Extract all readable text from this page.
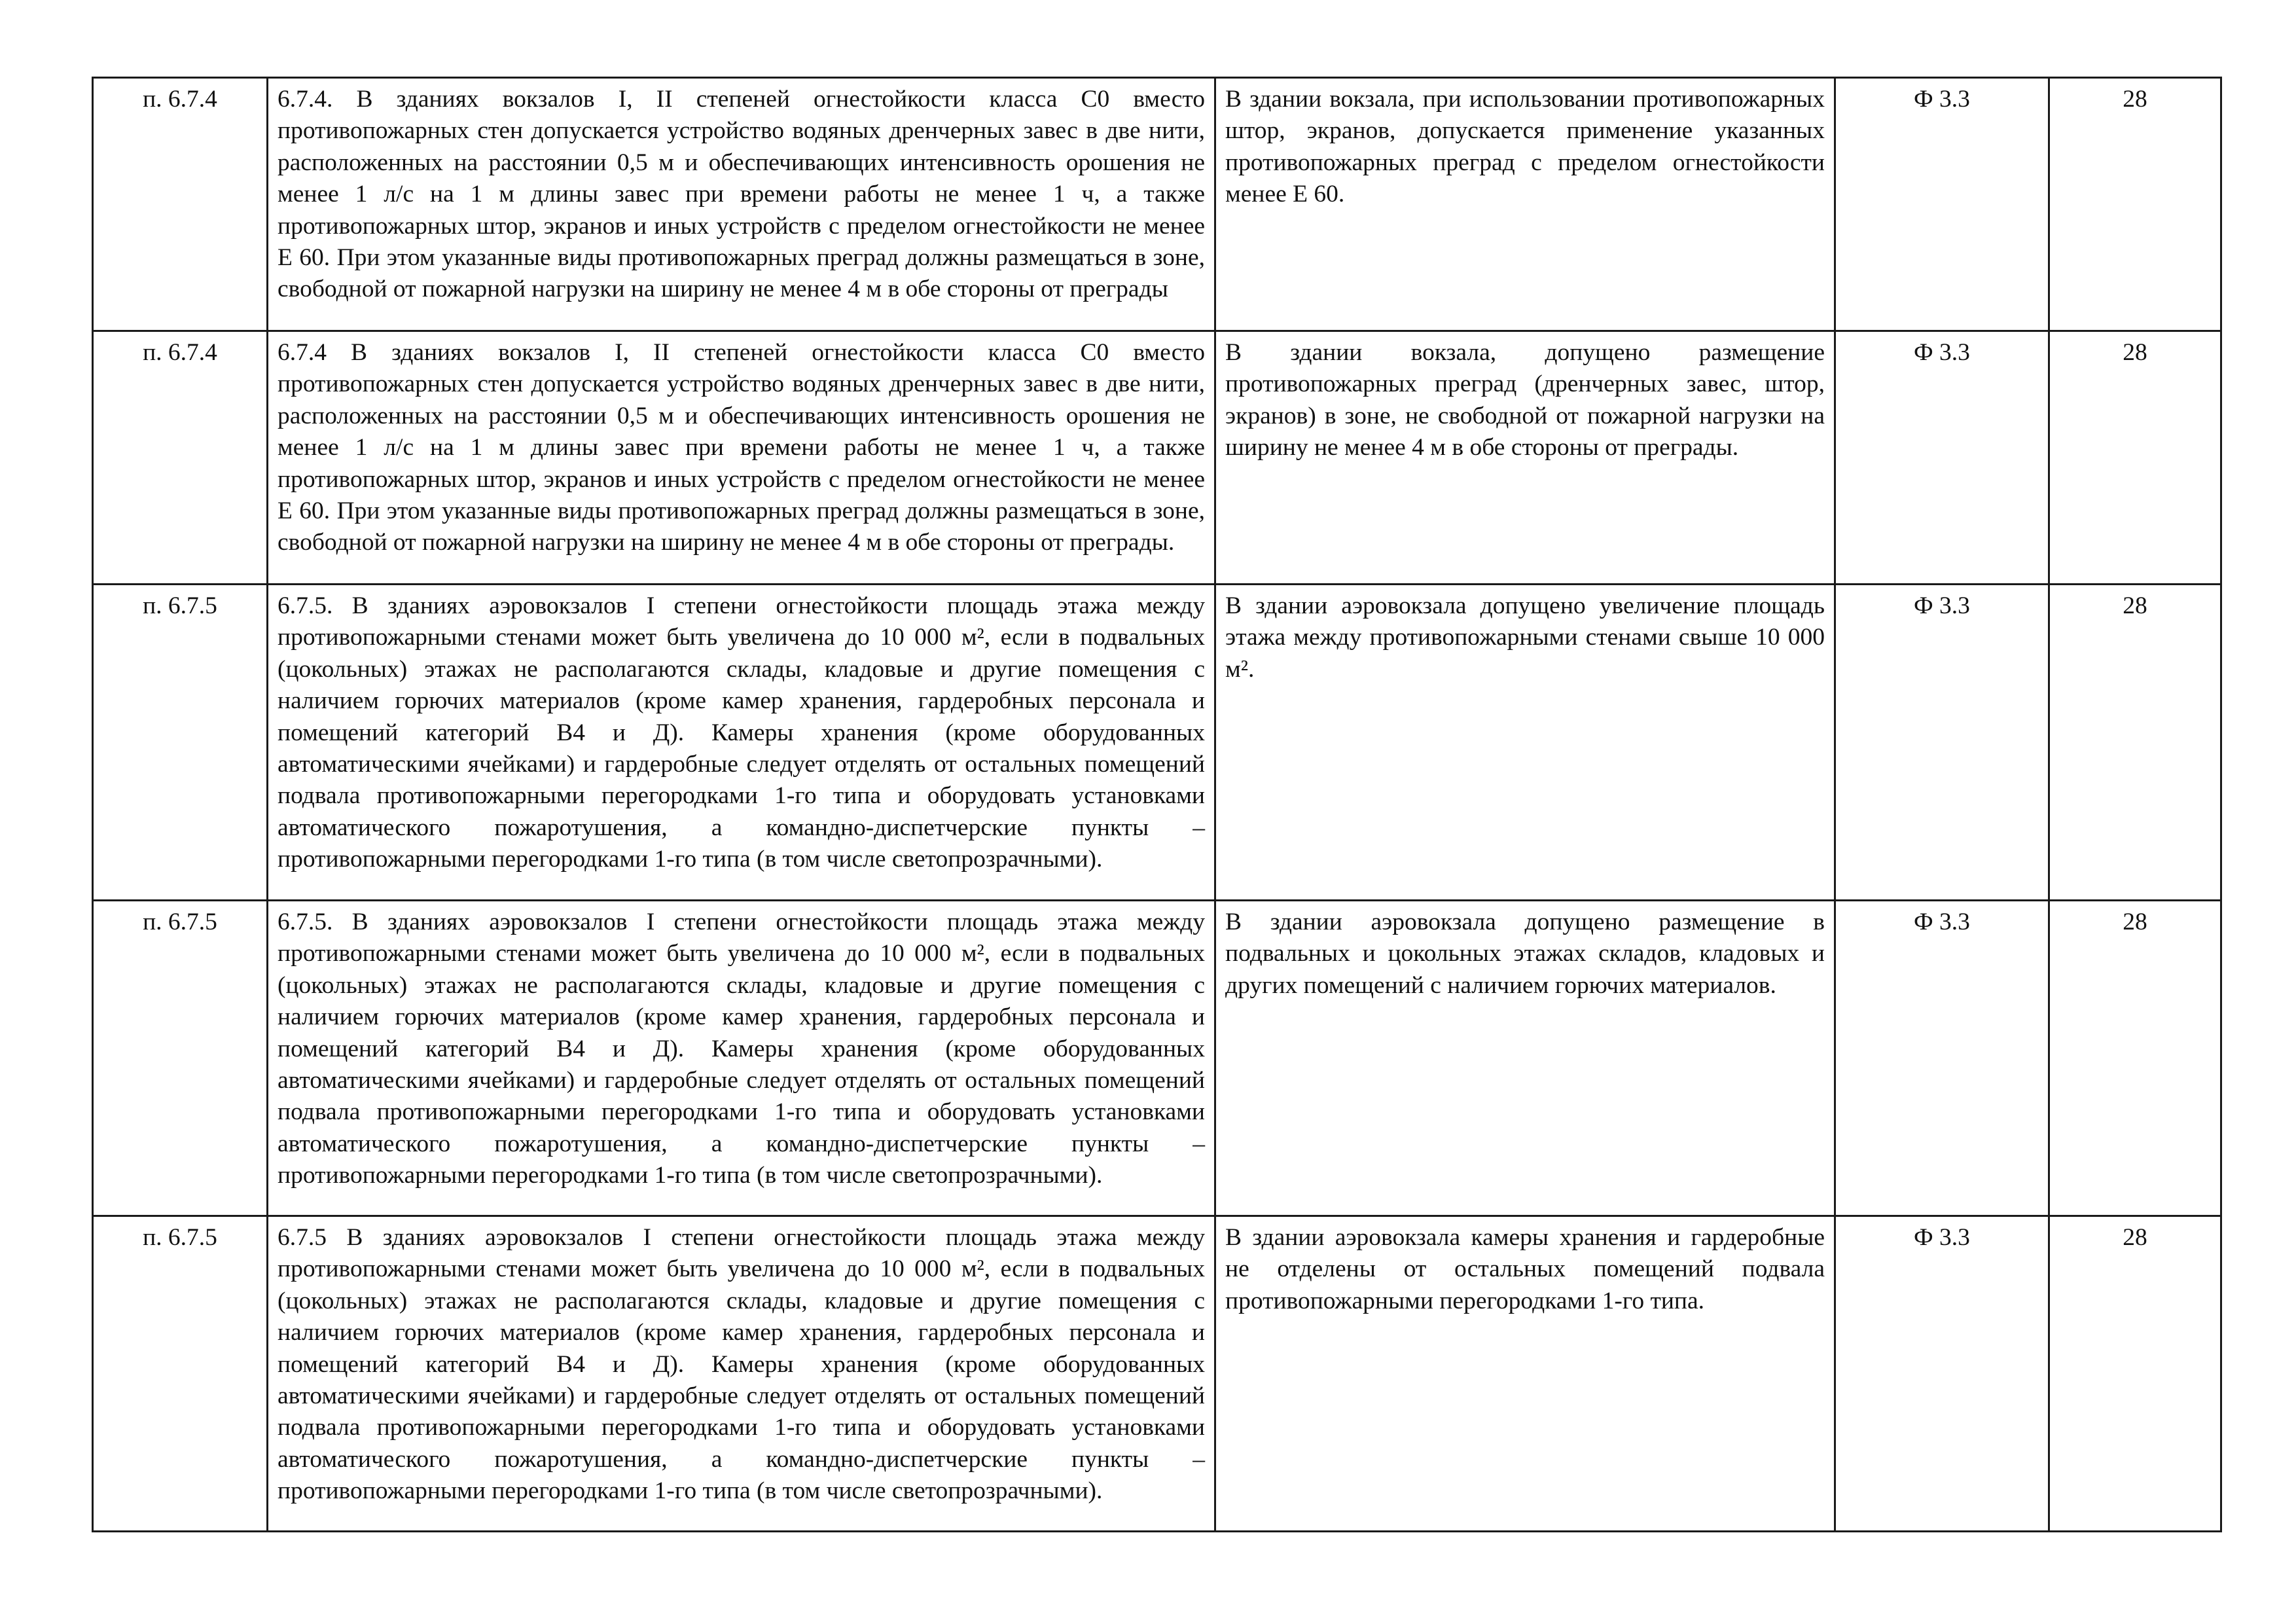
п. 6.7.4	6.7.4. В зданиях вокзалов I, II степеней огнестойкости класса С0 вместо противопожарных стен допускается устройство водяных дренчерных завес в две нити, расположенных на расстоянии 0,5 м и обеспечивающих интенсивность орошения не менее 1 л/с на 1 м длины завес при времени работы не менее 1 ч, а также противопожарных штор, экранов и иных устройств с пределом огнестойкости не менее Е 60. При этом указанные виды противопожарных преград должны размещаться в зоне, свободной от пожарной нагрузки на ширину не менее 4 м в обе стороны от преграды	В здании вокзала, при использовании противопожарных штор, экранов, допускается применение указанных противопожарных преград с пределом огнестойкости менее Е 60.	Ф 3.3	28
п. 6.7.4	6.7.4 В зданиях вокзалов I, II степеней огнестойкости класса С0 вместо противопожарных стен допускается устройство водяных дренчерных завес в две нити, расположенных на расстоянии 0,5 м и обеспечивающих интенсивность орошения не менее 1 л/с на 1 м длины завес при времени работы не менее 1 ч, а также противопожарных штор, экранов и иных устройств с пределом огнестойкости не менее Е 60. При этом указанные виды противопожарных преград должны размещаться в зоне, свободной от пожарной нагрузки на ширину не менее 4 м в обе стороны от преграды.	В здании вокзала, допущено размещение противопожарных преград (дренчерных завес, штор, экранов) в зоне, не свободной от пожарной нагрузки на ширину не менее 4 м в обе стороны от преграды.	Ф 3.3	28
п. 6.7.5	6.7.5. В зданиях аэровокзалов I степени огнестойкости площадь этажа между противопожарными стенами может быть увеличена до 10 000 м², если в подвальных (цокольных) этажах не располагаются склады, кладовые и другие помещения с наличием горючих материалов (кроме камер хранения, гардеробных персонала и помещений категорий В4 и Д). Камеры хранения (кроме оборудованных автоматическими ячейками) и гардеробные следует отделять от остальных помещений подвала противопожарными перегородками 1-го типа и оборудовать установками автоматического пожаротушения, а командно-диспетчерские пункты – противопожарными перегородками 1-го типа (в том числе светопрозрачными).	В здании аэровокзала допущено увеличение площадь этажа между противопожарными стенами свыше 10 000 м².	Ф 3.3	28
п. 6.7.5	6.7.5. В зданиях аэровокзалов I степени огнестойкости площадь этажа между противопожарными стенами может быть увеличена до 10 000 м², если в подвальных (цокольных) этажах не располагаются склады, кладовые и другие помещения с наличием горючих материалов (кроме камер хранения, гардеробных персонала и помещений категорий В4 и Д). Камеры хранения (кроме оборудованных автоматическими ячейками) и гардеробные следует отделять от остальных помещений подвала противопожарными перегородками 1-го типа и оборудовать установками автоматического пожаротушения, а командно-диспетчерские пункты – противопожарными перегородками 1-го типа (в том числе светопрозрачными).	В здании аэровокзала допущено размещение в подвальных и цокольных этажах складов, кладовых и других помещений с наличием горючих материалов.	Ф 3.3	28
п. 6.7.5	6.7.5 В зданиях аэровокзалов I степени огнестойкости площадь этажа между противопожарными стенами может быть увеличена до 10 000 м², если в подвальных (цокольных) этажах не располагаются склады, кладовые и другие помещения с наличием горючих материалов (кроме камер хранения, гардеробных персонала и помещений категорий В4 и Д). Камеры хранения (кроме оборудованных автоматическими ячейками) и гардеробные следует отделять от остальных помещений подвала противопожарными перегородками 1-го типа и оборудовать установками автоматического пожаротушения, а командно-диспетчерские пункты – противопожарными перегородками 1-го типа (в том числе светопрозрачными).	В здании аэровокзала камеры хранения и гардеробные не отделены от остальных помещений подвала противопожарными перегородками 1-го типа.	Ф 3.3	28
